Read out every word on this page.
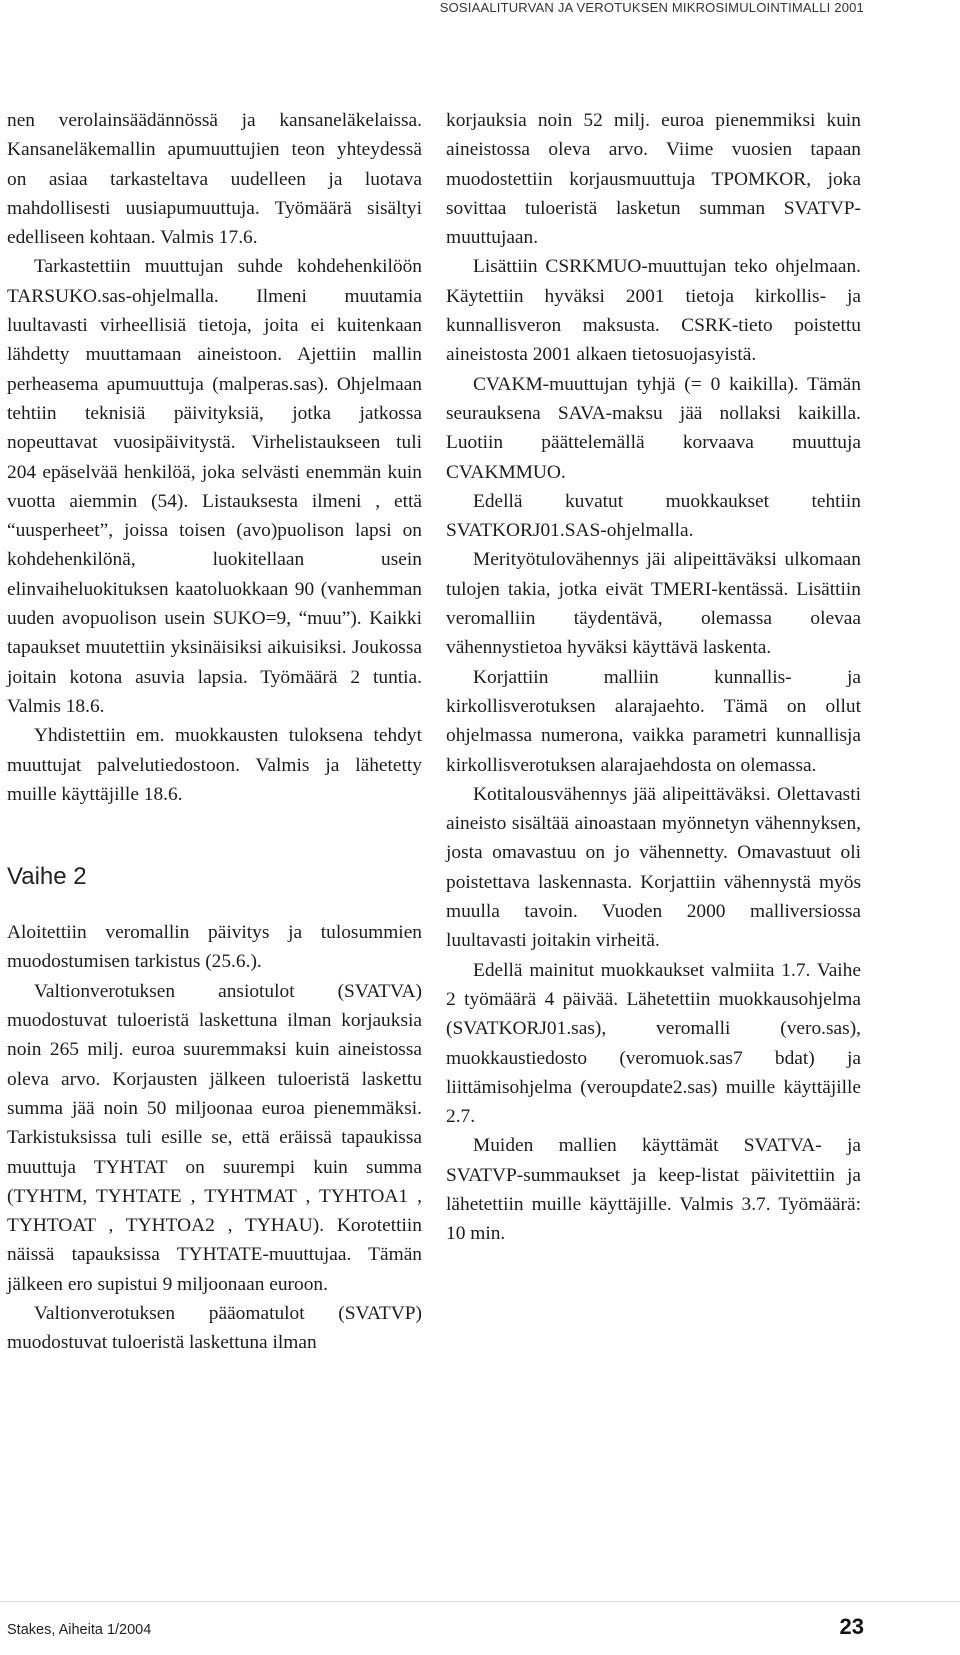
SOSIAALITURVAN JA VEROTUKSEN MIKROSIMULOINTIMALLI 2001

nen verolainsäädännössä ja kansaneläkelaissa. Kansaneläkemallin apumuuttujien teon yhteydessä on asiaa tarkasteltava uudelleen ja luotava mahdollisesti uusiapumuuttuja. Työmäärä sisältyi edelliseen kohtaan. Valmis 17.6.

Tarkastettiin muuttujan suhde kohdehenkilöön TARSUKO.sas-ohjelmalla. Ilmeni muutamia luultavasti virheellisiä tietoja, joita ei kuitenkaan lähdetty muuttamaan aineistoon. Ajettiin mallin perheasema apumuuttuja (malperas.sas). Ohjelmaan tehtiin teknisiä päivityksiä, jotka jatkossa nopeuttavat vuosipäivitystä. Virhelistaukseen tuli 204 epäselvää henkilöä, joka selvästi enemmän kuin vuotta aiemmin (54). Listauksesta ilmeni , että “uusperheet”, joissa toisen (avo)puolison lapsi on kohdehenkilönä, luokitellaan usein elinvaiheluokituksen kaatoluokkaan 90 (vanhemman uuden avopuolison usein SUKO=9, “muu”). Kaikki tapaukset muutettiin yksinäisiksi aikuisiksi. Joukossa joitain kotona asuvia lapsia. Työmäärä 2 tuntia. Valmis 18.6.

Yhdistettiin em. muokkausten tuloksena tehdyt muuttujat palvelutiedostoon. Valmis ja lähetetty muille käyttäjille 18.6.

Vaihe 2

Aloitettiin veromallin päivitys ja tulosummien muodostumisen tarkistus (25.6.).

Valtionverotuksen ansiotulot (SVATVA) muodostuvat tuloeristä laskettuna ilman korjauksia noin 265 milj. euroa suuremmaksi kuin aineistossa oleva arvo. Korjausten jälkeen tuloeristä laskettu summa jää noin 50 miljoonaa euroa pienemmäksi. Tarkistuksissa tuli esille se, että eräissä tapaukissa muuttuja TYHTAT on suurempi kuin summa (TYHTM, TYHTATE , TYHTMAT , TYHTOA1 , TYHTOAT , TYHTOA2 , TYHAU). Korotettiin näissä tapauksissa TYHTATE-muuttujaa. Tämän jälkeen ero supistui 9 miljoonaan euroon.

Valtionverotuksen pääomatulot (SVATVP) muodostuvat tuloeristä laskettuna ilman

korjauksia noin 52 milj. euroa pienemmiksi kuin aineistossa oleva arvo. Viime vuosien tapaan muodostettiin korjausmuuttuja TPOMKOR, joka sovittaa tuloeristä lasketun summan SVATVP-muuttujaan.

Lisättiin CSRKMUO-muuttujan teko ohjelmaan. Käytettiin hyväksi 2001 tietoja kirkollis- ja kunnallisveron maksusta. CSRK-tieto poistettu aineistosta 2001 alkaen tietosuojasyistä.

CVAKM-muuttujan tyhjä (= 0 kaikilla). Tämän seurauksena SAVA-maksu jää nollaksi kaikilla. Luotiin päättelemällä korvaava muuttuja CVAKMMUO.

Edellä kuvatut muokkaukset tehtiin SVATKORJ01.SAS-ohjelmalla.

Merityötulovähennys jäi alipeittäväksi ulkomaan tulojen takia, jotka eivät TMERI-kentässä. Lisättiin veromalliin täydentävä, olemassa olevaa vähennystietoa hyväksi käyttävä laskenta.

Korjattiin malliin kunnallis- ja kirkollisverotuksen alarajaehto. Tämä on ollut ohjelmassa numerona, vaikka parametri kunnallisja kirkollisverotuksen alarajaehdosta on olemassa.

Kotitalousvähennys jää alipeittäväksi. Olettavasti aineisto sisältää ainoastaan myönnetyn vähennyksen, josta omavastuu on jo vähennetty. Omavastuut oli poistettava laskennasta. Korjattiin vähennystä myös muulla tavoin. Vuoden 2000 malliversiossa luultavasti joitakin virheitä.

Edellä mainitut muokkaukset valmiita 1.7. Vaihe 2 työmäärä 4 päivää. Lähetettiin muokkausohjelma (SVATKORJ01.sas), veromalli (vero.sas), muokkaustiedosto (veromuok.sas7 bdat) ja liittämisohjelma (veroupdate2.sas) muille käyttäjille 2.7.

Muiden mallien käyttämät SVATVA- ja SVATVP-summaukset ja keep-listat päivitettiin ja lähetettiin muille käyttäjille. Valmis 3.7. Työmäärä: 10 min.

Stakes, Aiheita 1/2004	23
